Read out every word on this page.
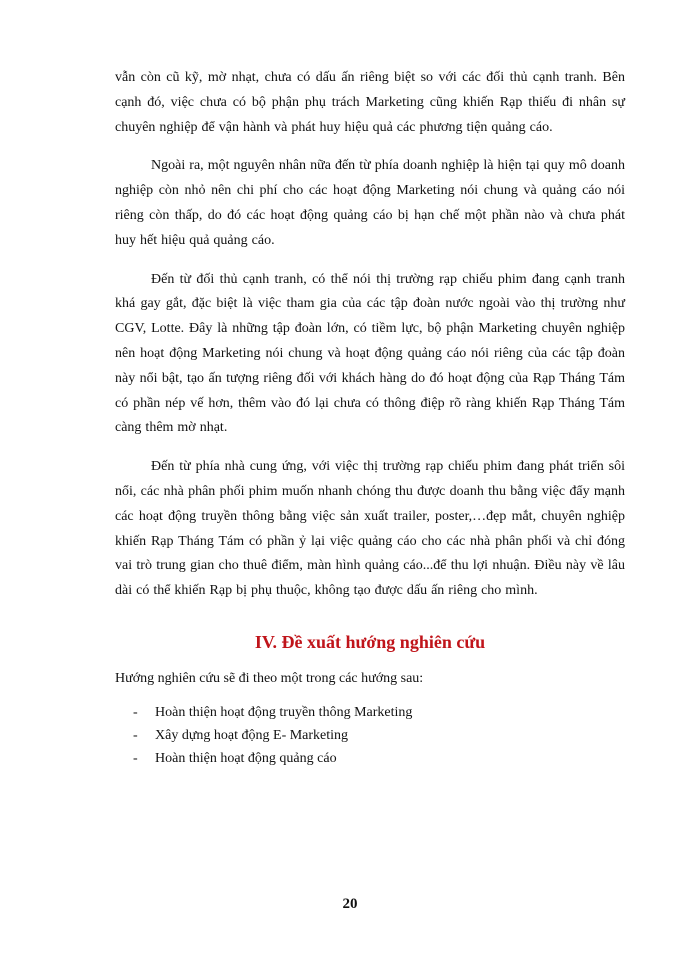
vẫn còn cũ kỹ, mờ nhạt, chưa có dấu ấn riêng biệt so với các đối thủ cạnh tranh. Bên cạnh đó, việc chưa có bộ phận phụ trách Marketing cũng khiến Rạp thiếu đi nhân sự chuyên nghiệp để vận hành và phát huy hiệu quả các phương tiện quảng cáo.

Ngoài ra, một nguyên nhân nữa đến từ phía doanh nghiệp là hiện tại quy mô doanh nghiệp còn nhỏ nên chi phí cho các hoạt động Marketing nói chung và quảng cáo nói riêng còn thấp, do đó các hoạt động quảng cáo bị hạn chế một phần nào và chưa phát huy hết hiệu quả quảng cáo.

Đến từ đối thủ cạnh tranh, có thể nói thị trường rạp chiếu phim đang cạnh tranh khá gay gắt, đặc biệt là việc tham gia của các tập đoàn nước ngoài vào thị trường như CGV, Lotte. Đây là những tập đoàn lớn, có tiềm lực, bộ phận Marketing chuyên nghiệp nên hoạt động Marketing nói chung và hoạt động quảng cáo nói riêng của các tập đoàn này nổi bật, tạo ấn tượng riêng đối với khách hàng do đó hoạt động của Rạp Tháng Tám có phần nép vế hơn, thêm vào đó lại chưa có thông điệp rõ ràng khiến Rạp Tháng Tám càng thêm mờ nhạt.

Đến từ phía nhà cung ứng, với việc thị trường rạp chiếu phim đang phát triển sôi nổi, các nhà phân phối phim muốn nhanh chóng thu được doanh thu bằng việc đẩy mạnh các hoạt động truyền thông bằng việc sản xuất trailer, poster,…đẹp mắt, chuyên nghiệp khiến Rạp Tháng Tám có phần ỷ lại việc quảng cáo cho các nhà phân phối và chỉ đóng vai trò trung gian cho thuê điểm, màn hình quảng cáo...để thu lợi nhuận. Điều này về lâu dài có thể khiến Rạp bị phụ thuộc, không tạo được dấu ấn riêng cho mình.

IV. Đề xuất hướng nghiên cứu

Hướng nghiên cứu sẽ đi theo một trong các hướng sau:

-	Hoàn thiện hoạt động truyền thông Marketing
-	Xây dựng hoạt động E- Marketing
-	Hoàn thiện hoạt động quảng cáo
20
